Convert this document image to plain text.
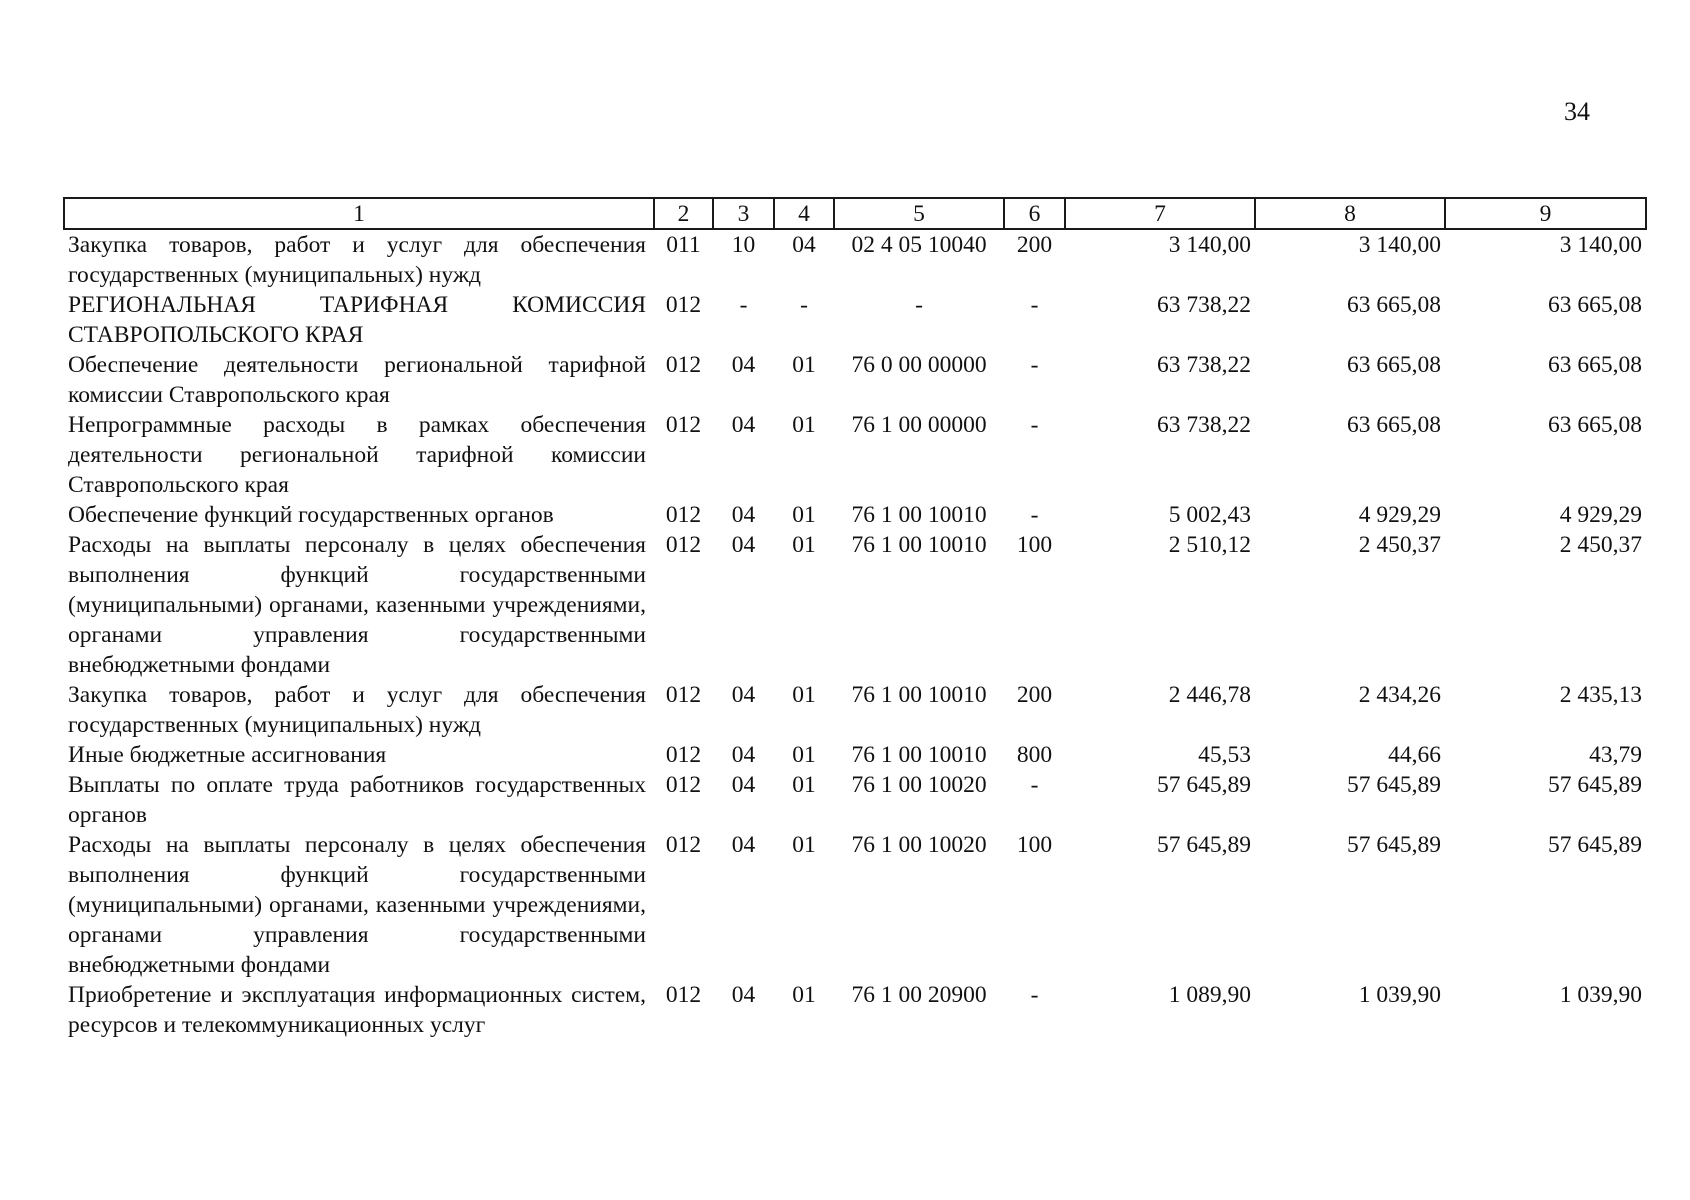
34
1	2	3	4	5	6	7	8	9
Закупка товаров, работ и услуг для обеспечения государственных (муниципальных) нужд	011	10	04	02 4 05 10040	200	3 140,00	3 140,00	3 140,00
РЕГИОНАЛЬНАЯ ТАРИФНАЯ КОМИССИЯ СТАВРОПОЛЬСКОГО КРАЯ	012	-	-	-	-	63 738,22	63 665,08	63 665,08
Обеспечение деятельности региональной тарифной комиссии Ставропольского края	012	04	01	76 0 00 00000	-	63 738,22	63 665,08	63 665,08
Непрограммные расходы в рамках обеспечения деятельности региональной тарифной комиссии Ставропольского края	012	04	01	76 1 00 00000	-	63 738,22	63 665,08	63 665,08
Обеспечение функций государственных органов	012	04	01	76 1 00 10010	-	5 002,43	4 929,29	4 929,29
Расходы на выплаты персоналу в целях обеспечения выполнения функций государственными (муниципальными) органами, казенными учреждениями, органами управления государственными внебюджетными фондами	012	04	01	76 1 00 10010	100	2 510,12	2 450,37	2 450,37
Закупка товаров, работ и услуг для обеспечения государственных (муниципальных) нужд	012	04	01	76 1 00 10010	200	2 446,78	2 434,26	2 435,13
Иные бюджетные ассигнования	012	04	01	76 1 00 10010	800	45,53	44,66	43,79
Выплаты по оплате труда работников государственных органов	012	04	01	76 1 00 10020	-	57 645,89	57 645,89	57 645,89
Расходы на выплаты персоналу в целях обеспечения выполнения функций государственными (муниципальными) органами, казенными учреждениями, органами управления государственными внебюджетными фондами	012	04	01	76 1 00 10020	100	57 645,89	57 645,89	57 645,89
Приобретение и эксплуатация информационных систем, ресурсов и телекоммуникационных услуг	012	04	01	76 1 00 20900	-	1 089,90	1 039,90	1 039,90
